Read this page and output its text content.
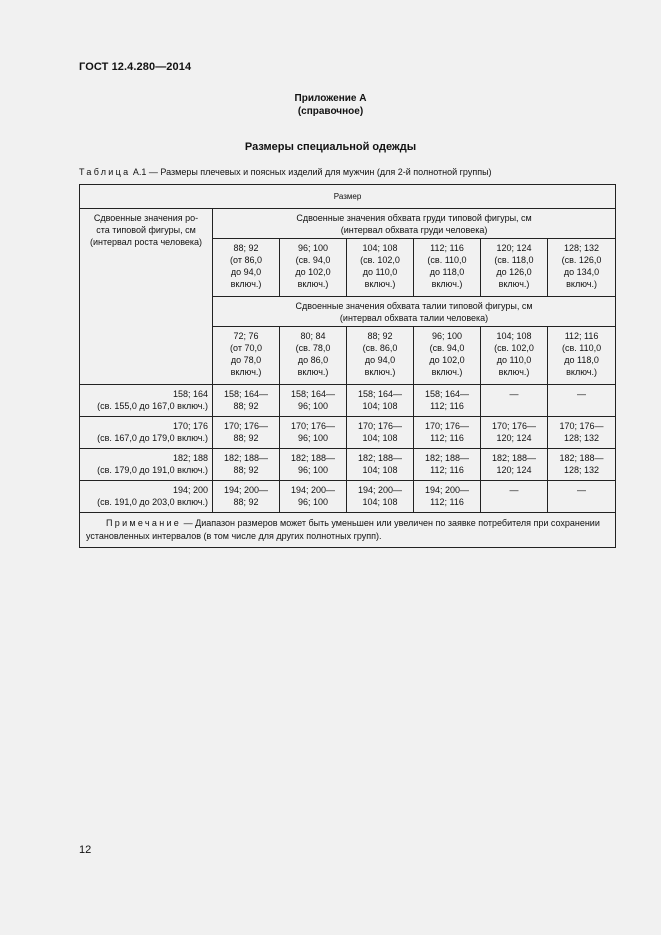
ГОСТ 12.4.280—2014
Приложение А
(справочное)
Размеры специальной одежды
Таблица А.1 — Размеры плечевых и поясных изделий для мужчин (для 2-й полнотной группы)
Размер						
Сдвоенные значения ро-
ста типовой фигуры, см
(интервал роста человека)	Сдвоенные значения обхвата груди типовой фигуры, см
(интервал обхвата груди человека)					
	88; 92
(от 86,0
до 94,0
включ.)	96; 100
(св. 94,0
до 102,0
включ.)	104; 108
(св. 102,0
до 110,0
включ.)	112; 116
(св. 110,0
до 118,0
включ.)	120; 124
(св. 118,0
до 126,0
включ.)	128; 132
(св. 126,0
до 134,0
включ.)
	Сдвоенные значения обхвата талии типовой фигуры, см
(интервал обхвата талии человека)					
	72; 76
(от 70,0
до 78,0
включ.)	80; 84
(св. 78,0
до 86,0
включ.)	88; 92
(св. 86,0
до 94,0
включ.)	96; 100
(св. 94,0
до 102,0
включ.)	104; 108
(св. 102,0
до 110,0
включ.)	112; 116
(св. 110,0
до 118,0
включ.)
158; 164
(св. 155,0 до 167,0 включ.)	158; 164—
88; 92	158; 164—
96; 100	158; 164—
104; 108	158; 164—
112; 116	—	—
170; 176
(св. 167,0 до 179,0 включ.)	170; 176—
88; 92	170; 176—
96; 100	170; 176—
104; 108	170; 176—
112; 116	170; 176—
120; 124	170; 176—
128; 132
182; 188
(св. 179,0 до 191,0 включ.)	182; 188—
88; 92	182; 188—
96; 100	182; 188—
104; 108	182; 188—
112; 116	182; 188—
120; 124	182; 188—
128; 132
194; 200
(св. 191,0 до 203,0 включ.)	194; 200—
88; 92	194; 200—
96; 100	194; 200—
104; 108	194; 200—
112; 116	—	—
Примечание — Диапазон размеров может быть уменьшен или увеличен по заявке потребителя при сохранении установленных интервалов (в том числе для других полнотных групп).						
12
